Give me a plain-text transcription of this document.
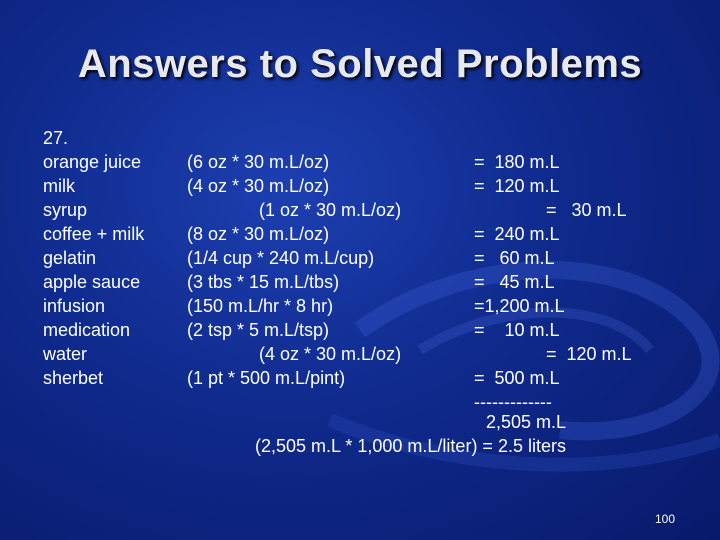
Answers to Solved Problems
27.
orange juice
milk
syrup
coffee + milk
gelatin
apple sauce
infusion
medication
water
sherbet
(6 oz * 30 m.L/oz)
(4 oz * 30 m.L/oz)
(1 oz * 30 m.L/oz)
(8 oz * 30 m.L/oz)
(1/4 cup * 240 m.L/cup)
(3 tbs * 15 m.L/tbs)
(150 m.L/hr * 8 hr)
(2 tsp * 5 m.L/tsp)
(4 oz * 30 m.L/oz)
(1 pt * 500 m.L/pint)
=  180 m.L
=  120 m.L
=   30 m.L
=  240 m.L
=   60 m.L
=   45 m.L
=1,200 m.L
=    10 m.L
=  120 m.L
=  500 m.L
-------------
2,505 m.L
(2,505 m.L * 1,000 m.L/liter) = 2.5 liters
100
